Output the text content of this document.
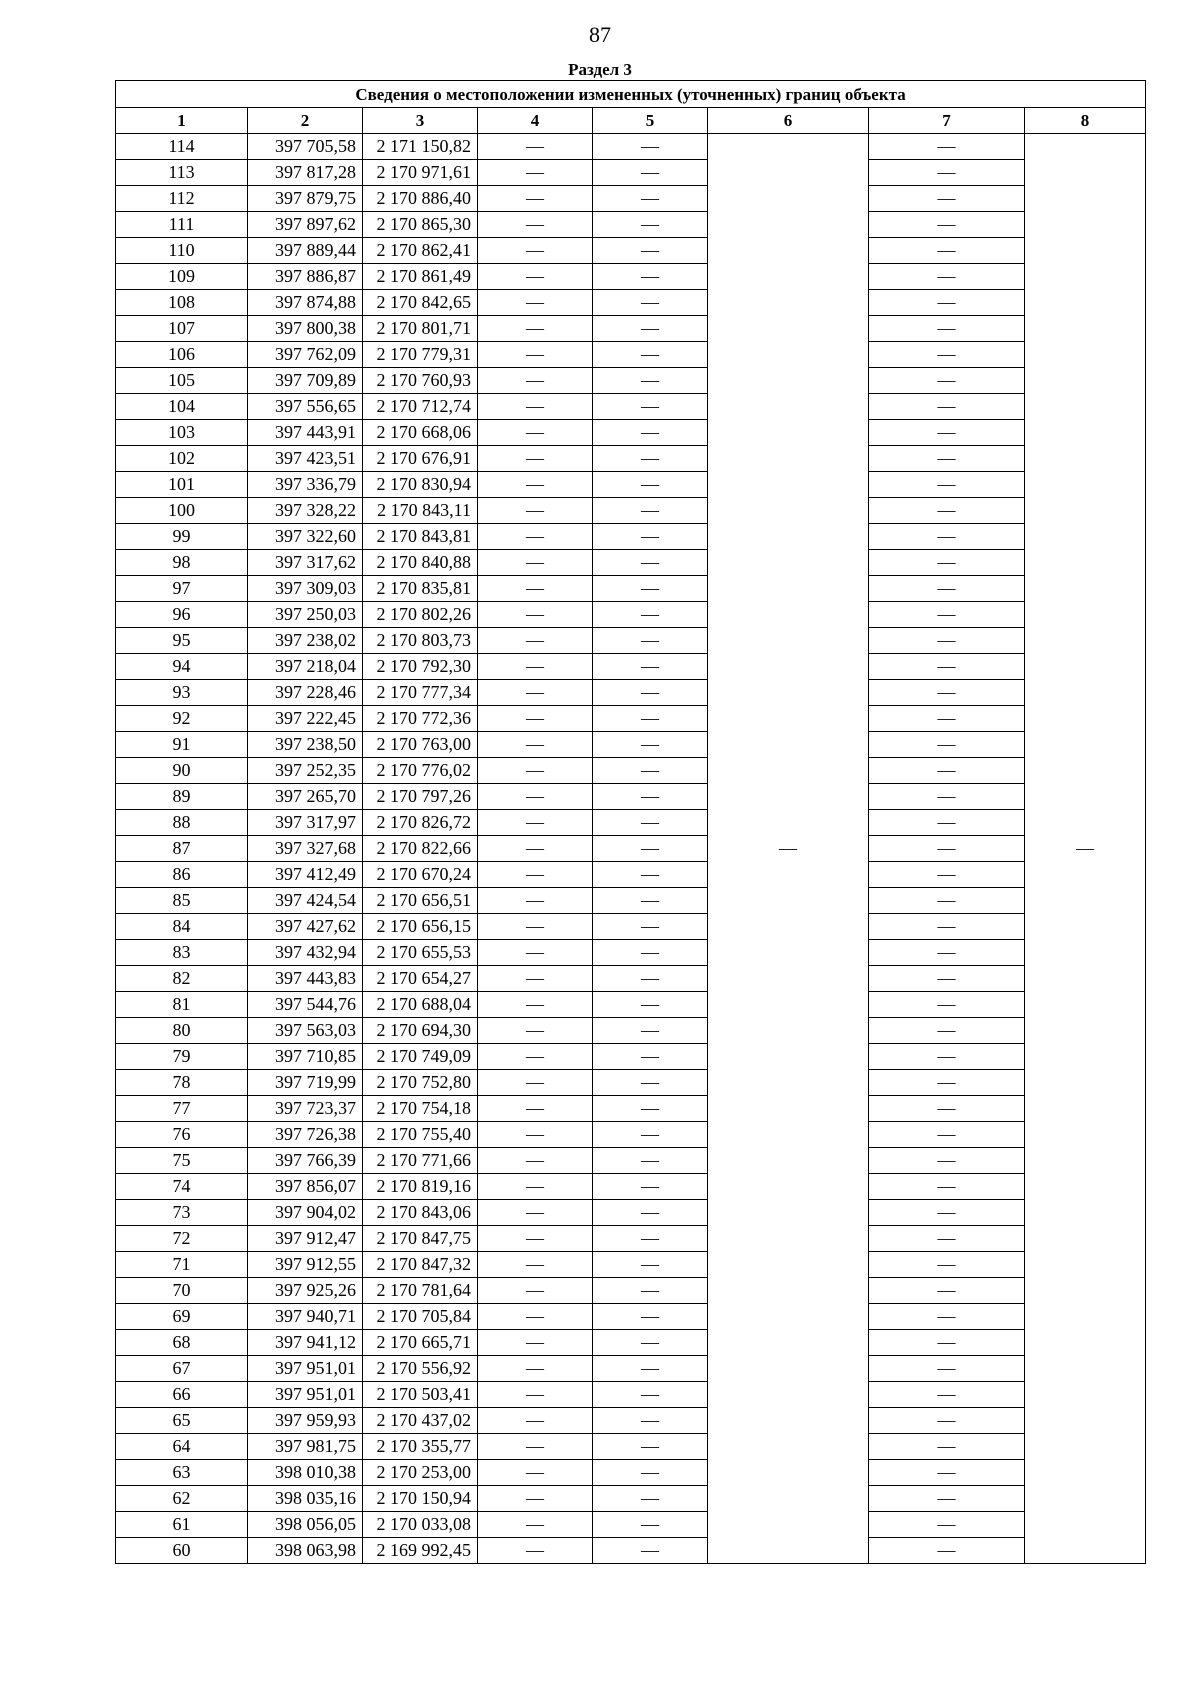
87
Раздел 3
Сведения о местоположении измененных (уточненных) границ объекта							
1	2	3	4	5	6	7	8
114	397 705,58	2 171 150,82	—	—	—	—	—
113	397 817,28	2 170 971,61	—	—		—	
112	397 879,75	2 170 886,40	—	—		—	
111	397 897,62	2 170 865,30	—	—		—	
110	397 889,44	2 170 862,41	—	—		—	
109	397 886,87	2 170 861,49	—	—		—	
108	397 874,88	2 170 842,65	—	—		—	
107	397 800,38	2 170 801,71	—	—		—	
106	397 762,09	2 170 779,31	—	—		—	
105	397 709,89	2 170 760,93	—	—		—	
104	397 556,65	2 170 712,74	—	—		—	
103	397 443,91	2 170 668,06	—	—		—	
102	397 423,51	2 170 676,91	—	—		—	
101	397 336,79	2 170 830,94	—	—		—	
100	397 328,22	2 170 843,11	—	—		—	
99	397 322,60	2 170 843,81	—	—		—	
98	397 317,62	2 170 840,88	—	—		—	
97	397 309,03	2 170 835,81	—	—		—	
96	397 250,03	2 170 802,26	—	—		—	
95	397 238,02	2 170 803,73	—	—		—	
94	397 218,04	2 170 792,30	—	—		—	
93	397 228,46	2 170 777,34	—	—		—	
92	397 222,45	2 170 772,36	—	—		—	
91	397 238,50	2 170 763,00	—	—		—	
90	397 252,35	2 170 776,02	—	—		—	
89	397 265,70	2 170 797,26	—	—		—	
88	397 317,97	2 170 826,72	—	—		—	
87	397 327,68	2 170 822,66	—	—		—	
86	397 412,49	2 170 670,24	—	—		—	
85	397 424,54	2 170 656,51	—	—		—	
84	397 427,62	2 170 656,15	—	—		—	
83	397 432,94	2 170 655,53	—	—		—	
82	397 443,83	2 170 654,27	—	—		—	
81	397 544,76	2 170 688,04	—	—		—	
80	397 563,03	2 170 694,30	—	—		—	
79	397 710,85	2 170 749,09	—	—		—	
78	397 719,99	2 170 752,80	—	—		—	
77	397 723,37	2 170 754,18	—	—		—	
76	397 726,38	2 170 755,40	—	—		—	
75	397 766,39	2 170 771,66	—	—		—	
74	397 856,07	2 170 819,16	—	—		—	
73	397 904,02	2 170 843,06	—	—		—	
72	397 912,47	2 170 847,75	—	—		—	
71	397 912,55	2 170 847,32	—	—		—	
70	397 925,26	2 170 781,64	—	—		—	
69	397 940,71	2 170 705,84	—	—		—	
68	397 941,12	2 170 665,71	—	—		—	
67	397 951,01	2 170 556,92	—	—		—	
66	397 951,01	2 170 503,41	—	—		—	
65	397 959,93	2 170 437,02	—	—		—	
64	397 981,75	2 170 355,77	—	—		—	
63	398 010,38	2 170 253,00	—	—		—	
62	398 035,16	2 170 150,94	—	—		—	
61	398 056,05	2 170 033,08	—	—		—	
60	398 063,98	2 169 992,45	—	—		—	
